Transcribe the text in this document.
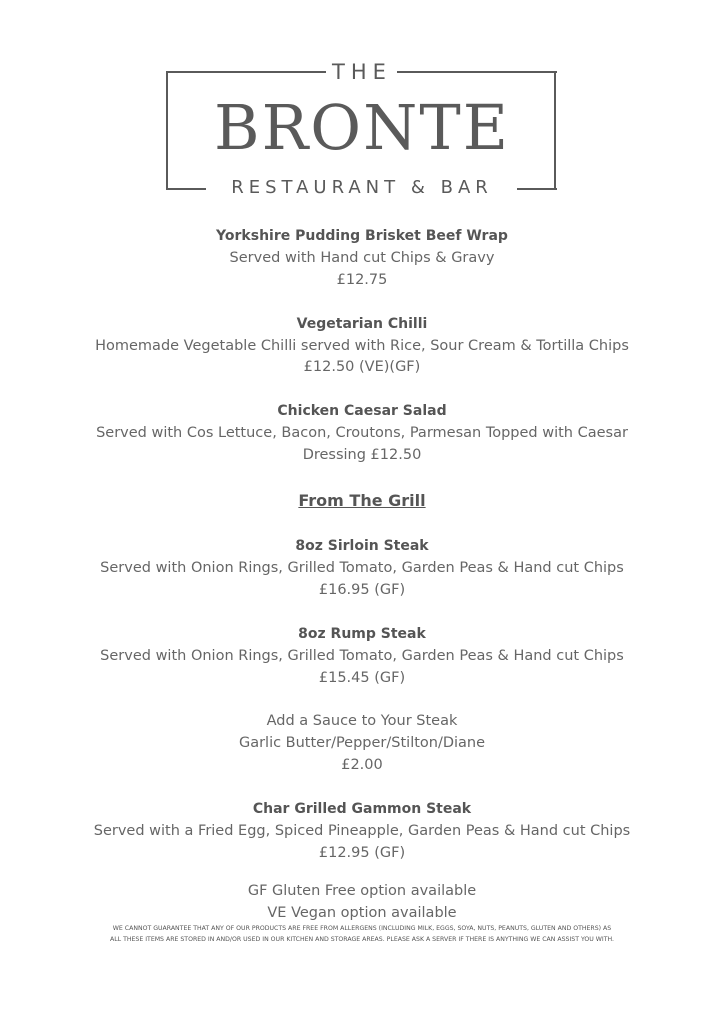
THE
BRONTE
RESTAURANT & BAR
Yorkshire Pudding Brisket Beef Wrap
Served with Hand cut Chips & Gravy
£12.75
Vegetarian Chilli
Homemade Vegetable Chilli served with Rice, Sour Cream & Tortilla Chips
£12.50 (VE)(GF)
Chicken Caesar Salad
Served with Cos Lettuce, Bacon, Croutons, Parmesan Topped with Caesar
Dressing £12.50
From The Grill
8oz Sirloin Steak
Served with Onion Rings, Grilled Tomato, Garden Peas & Hand cut Chips
£16.95 (GF)
8oz Rump Steak
Served with Onion Rings, Grilled Tomato, Garden Peas & Hand cut Chips
£15.45 (GF)
Add a Sauce to Your Steak
Garlic Butter/Pepper/Stilton/Diane
£2.00
Char Grilled Gammon Steak
Served with a Fried Egg, Spiced Pineapple, Garden Peas & Hand cut Chips
£12.95 (GF)
GF Gluten Free option available
VE Vegan option available
WE CANNOT GUARANTEE THAT ANY OF OUR PRODUCTS ARE FREE FROM ALLERGENS (INCLUDING MILK, EGGS, SOYA, NUTS, PEANUTS, GLUTEN AND OTHERS) AS
ALL THESE ITEMS ARE STORED IN AND/OR USED IN OUR KITCHEN AND STORAGE AREAS. PLEASE ASK A SERVER IF THERE IS ANYTHING WE CAN ASSIST YOU WITH.
